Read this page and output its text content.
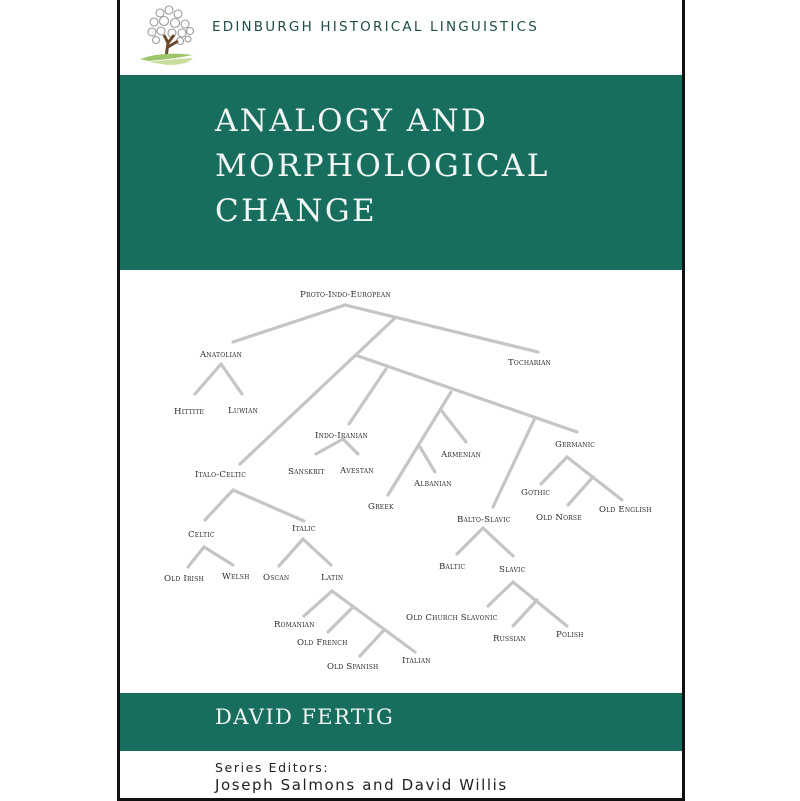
EDINBURGH HISTORICAL LINGUISTICS
ANALOGY AND
MORPHOLOGICAL
CHANGE
DAVID FERTIG
Series Editors:
Joseph Salmons and David Willis
Proto-Indo-European
Anatolian
Tocharian
Hittite	Luwian
Indo-Iranian
Sanskrit Avestan
Armenian
Germanic
Italo-Celtic
Albanian
Gothic
Greek	Old English
Old Norse
Balto-Slavic
Celtic
Italic
Baltic	Slavic
Old Irish Welsh Oscan	Latin
Old Church Slavonic
Romanian
Old French
Polish
Russian
Italian
Old Spanish
